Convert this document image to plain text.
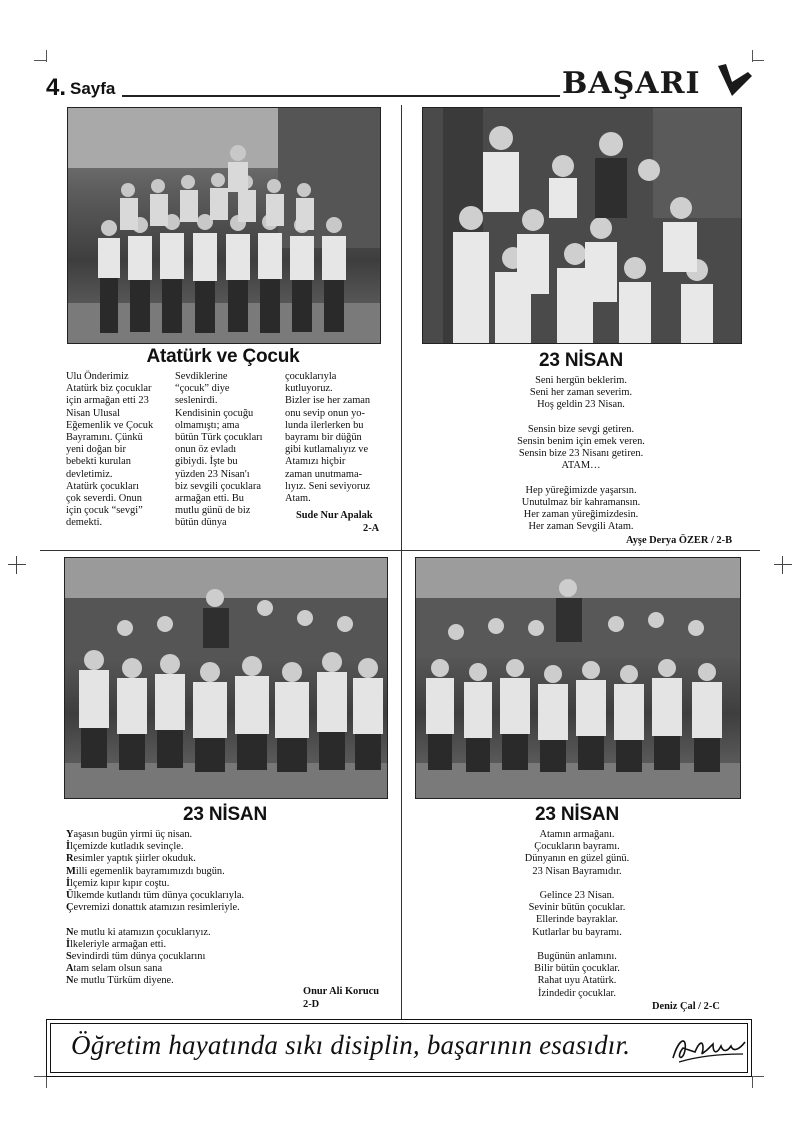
4. Sayfa	BAŞARI
Atatürk ve Çocuk
Ulu Önderimiz
Atatürk biz çocuklar
için armağan etti 23
Nisan Ulusal
Eğemenlik ve Çocuk
Bayramını. Çünkü
yeni doğan bir
bebekti kurulan
devletimiz.
Atatürk çocukları
çok severdi. Onun
için çocuk “sevgi”
demekti.
Sevdiklerine
“çocuk” diye
seslenirdi.
Kendisinin çocuğu
olmamıştı; ama
bütün Türk çocukları
onun öz evladı
gibiydi. İşte bu
yüzden 23 Nisan'ı
biz sevgili çocuklara
armağan etti. Bu
mutlu günü de biz
bütün dünya
çocuklarıyla
kutluyoruz.
Bizler ise her zaman
onu sevip onun yo-
lunda ilerlerken bu
bayramı bir düğün
gibi kutlamalıyız ve
Atamızı hiçbir
zaman unutmama-
lıyız. Seni seviyoruz
Atam.
Sude Nur Apalak
2-A
23 NİSAN
Seni hergün beklerim.
Seni her zaman severim.
Hoş geldin 23 Nisan.
Sensin bize sevgi getiren.
Sensin benim için emek veren.
Sensin bize 23 Nisanı getiren.
ATAM…
Hep yüreğimizde yaşarsın.
Unutulmaz bir kahramansın.
Her zaman yüreğimizdesin.
Her zaman Sevgili Atam.
Ayşe Derya ÖZER / 2-B
23 NİSAN
Yaşasın bugün yirmi üç nisan.
İlçemizde kutladık sevinçle.
Resimler yaptık şiirler okuduk.
Milli egemenlik bayramımızdı bugün.
İlçemiz kıpır kıpır coştu.
Ülkemde kutlandı tüm dünya çocuklarıyla.
Çevremizi donattık atamızın resimleriyle.
Ne mutlu ki atamızın çocuklarıyız.
İlkeleriyle armağan etti.
Sevindirdi tüm dünya çocuklarını
Atam selam olsun sana
Ne mutlu Türküm diyene.
Onur Ali Korucu
2-D
23 NİSAN
Atamın armağanı.
Çocukların bayramı.
Dünyanın en güzel günü.
23 Nisan Bayramıdır.
Gelince 23 Nisan.
Sevinir bütün çocuklar.
Ellerinde bayraklar.
Kutlarlar bu bayramı.
Bugünün anlamını.
Bilir bütün çocuklar.
Rahat uyu Atatürk.
İzindedir çocuklar.
Deniz Çal / 2-C
Öğretim hayatında sıkı disiplin, başarının esasıdır.
